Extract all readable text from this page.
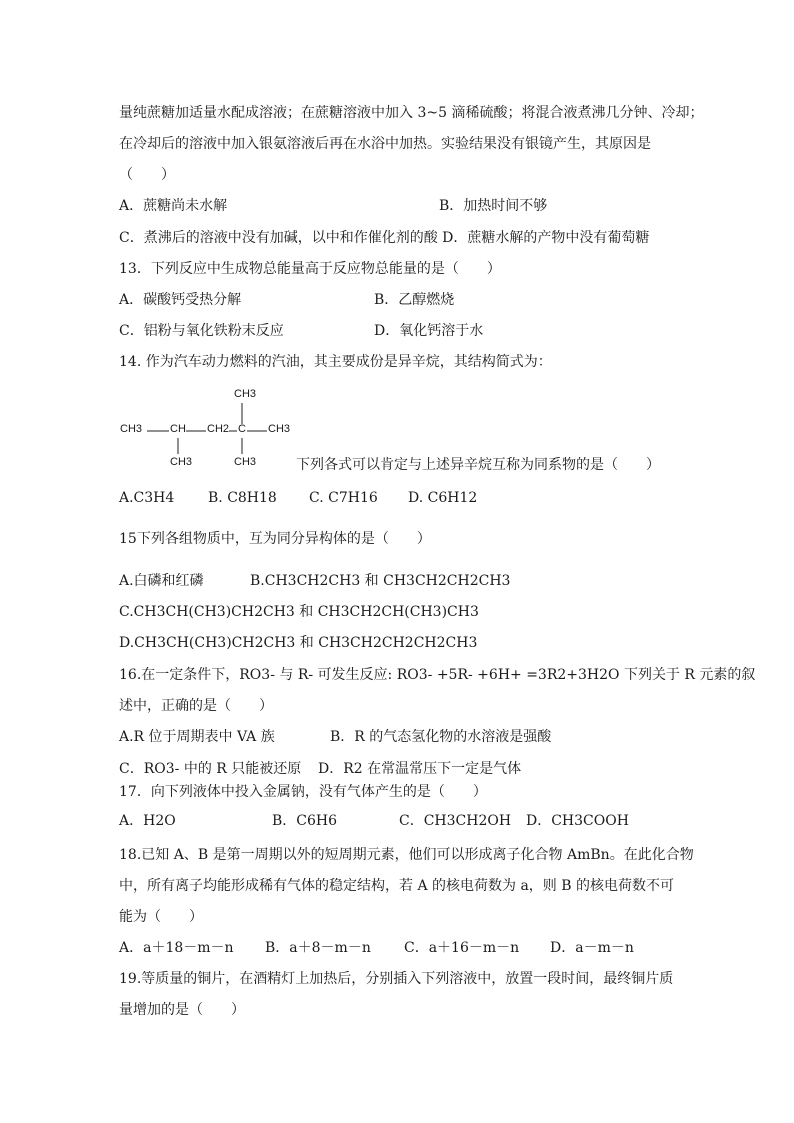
量纯蔗糖加适量水配成溶液；在蔗糖溶液中加入 3~5 滴稀硫酸；将混合液煮沸几分钟、冷却；
在冷却后的溶液中加入银氨溶液后再在水浴中加热。实验结果没有银镜产生，其原因是
（　　）
A．蔗糖尚未水解	B．加热时间不够
C．煮沸后的溶液中没有加碱，以中和作催化剂的酸 D．蔗糖水解的产物中没有葡萄糖
13．下列反应中生成物总能量高于反应物总能量的是（　　）
A．碳酸钙受热分解	B．乙醇燃烧
C．铝粉与氧化铁粉末反应	D．氧化钙溶于水
14. 作为汽车动力燃料的汽油，其主要成份是异辛烷，其结构简式为：
CH3
CH3	CH CH2 C CH3
CH3	CH3	下列各式可以肯定与上述异辛烷互称为同系物的是（　　）
A.C3H4 B. C8H18 C. C7H16 D. C6H12
15下列各组物质中，互为同分异构体的是（　　）
A.白磷和红磷	B.CH3CH2CH3 和 CH3CH2CH2CH3
C.CH3CH(CH3)CH2CH3 和 CH3CH2CH(CH3)CH3
D.CH3CH(CH3)CH2CH3 和 CH3CH2CH2CH2CH3
16.在一定条件下，RO3- 与 R- 可发生反应: RO3- +5R- +6H+ =3R2+3H2O 下列关于 R 元素的叙
述中，正确的是（　　）
A.R 位于周期表中 VA 族	B．R 的气态氢化物的水溶液是强酸
C．RO3- 中的 R 只能被还原 D．R2 在常温常压下一定是气体
17．向下列液体中投入金属钠，没有气体产生的是（　　）
A．H2O	B．C6H6	C．CH3CH2OH D．CH3COOH
18.已知 A、B 是第一周期以外的短周期元素，他们可以形成离子化合物 AmBn。在此化合物
中，所有离子均能形成稀有气体的稳定结构，若 A 的核电荷数为 a，则 B 的核电荷数不可
能为（　　）
A．a＋18－m－n B．a＋8－m－n C．a＋16－m－n D．a－m－n
19.等质量的铜片，在酒精灯上加热后，分别插入下列溶液中，放置一段时间，最终铜片质
量增加的是（　　）
